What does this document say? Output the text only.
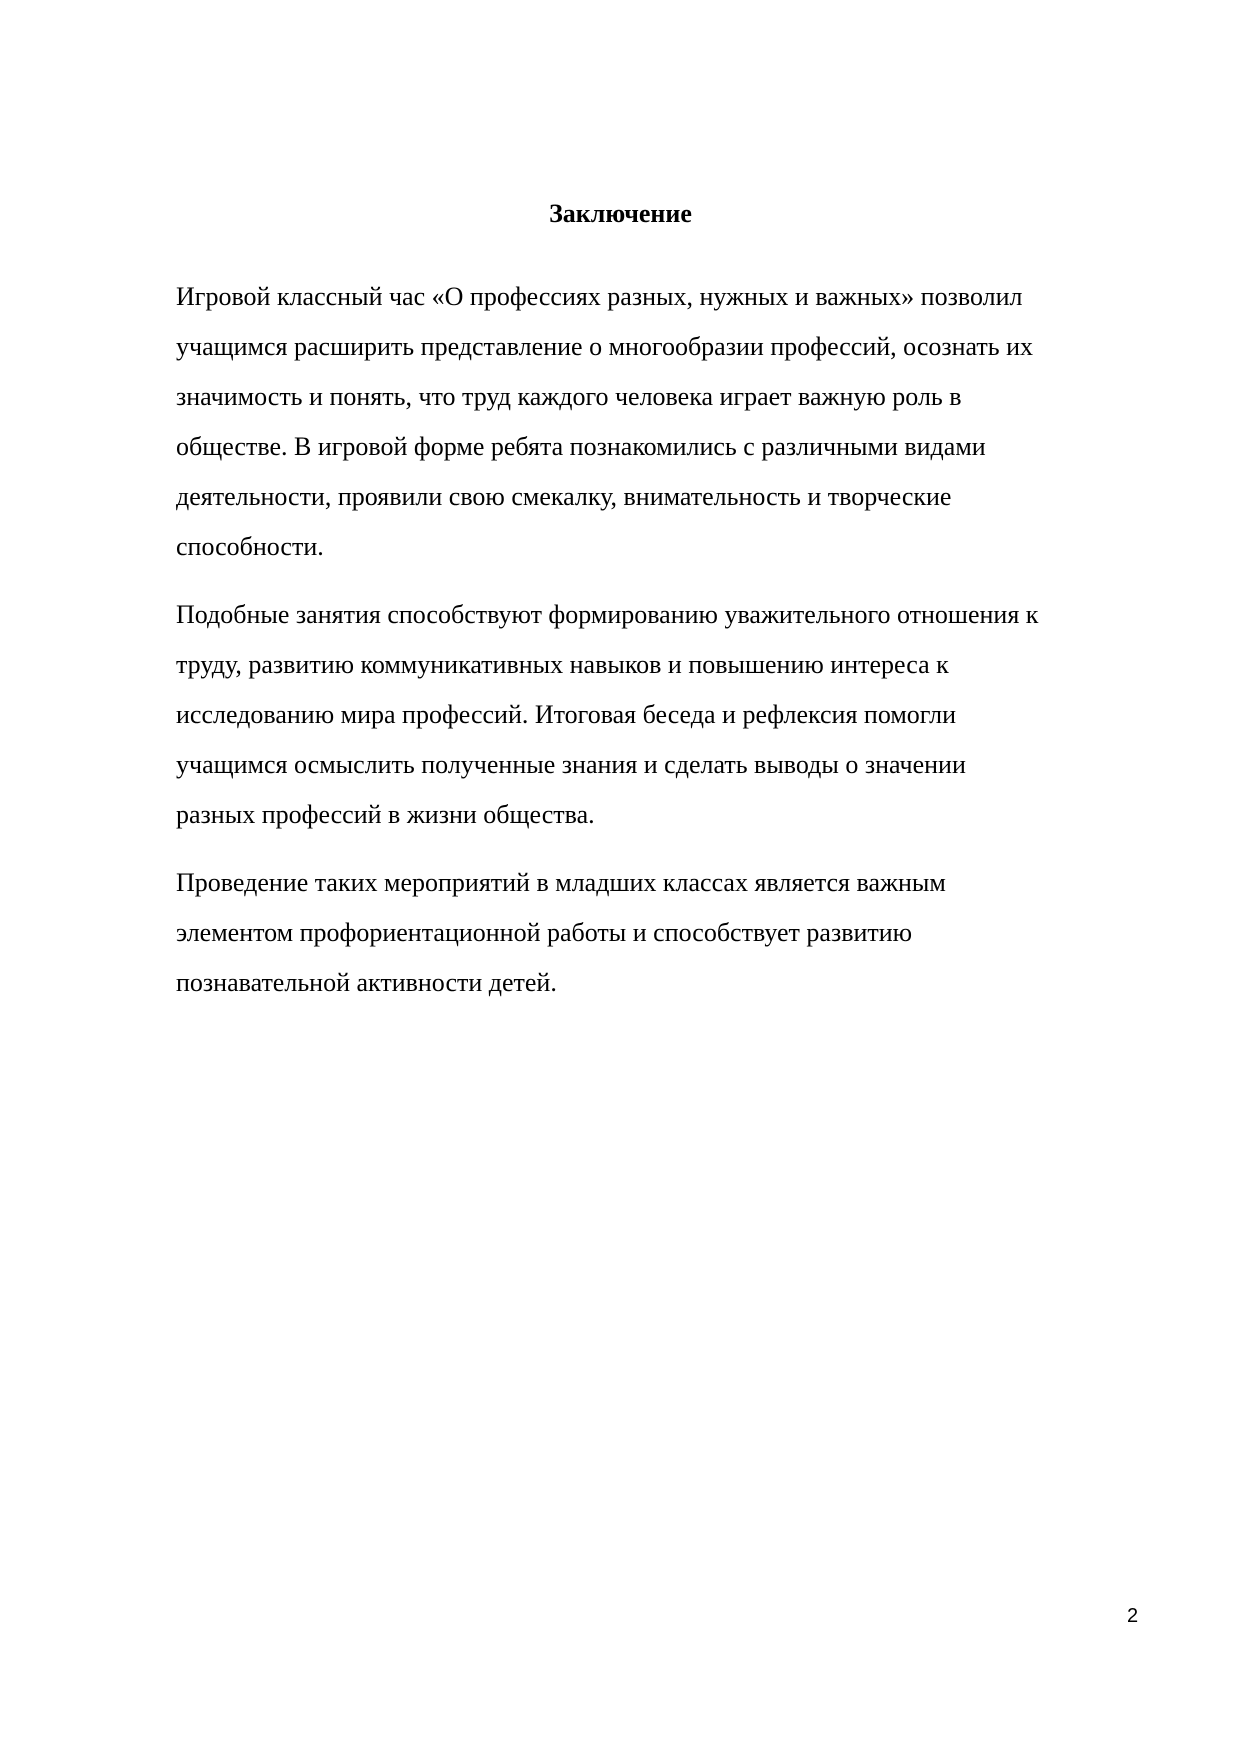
Заключение

Игровой классный час «О профессиях разных, нужных и важных» позволил
учащимся расширить представление о многообразии профессий, осознать их
значимость и понять, что труд каждого человека играет важную роль в
обществе. В игровой форме ребята познакомились с различными видами
деятельности, проявили свою смекалку, внимательность и творческие
способности.

Подобные занятия способствуют формированию уважительного отношения к
труду, развитию коммуникативных навыков и повышению интереса к
исследованию мира профессий. Итоговая беседа и рефлексия помогли
учащимся осмыслить полученные знания и сделать выводы о значении
разных профессий в жизни общества.

Проведение таких мероприятий в младших классах является важным
элементом профориентационной работы и способствует развитию
познавательной активности детей.

2
